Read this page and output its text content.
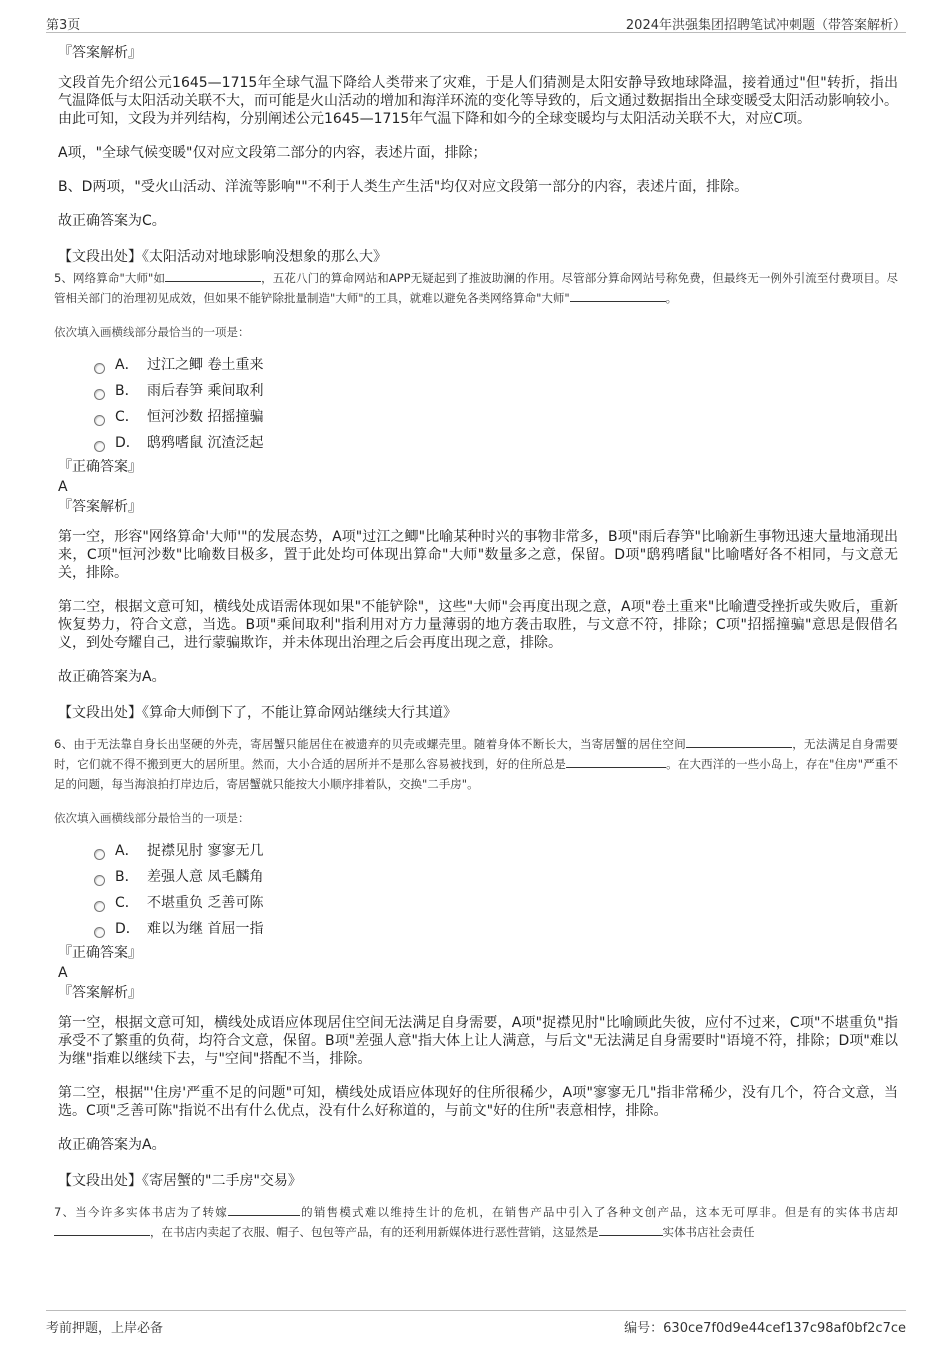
第3页	2024年洪强集团招聘笔试冲刺题（带答案解析）

『答案解析』

文段首先介绍公元1645—1715年全球气温下降给人类带来了灾难，于是人们猜测是太阳安静导致地球降温，接着通过"但"转折，指出气温降低与太阳活动关联不大，而可能是火山活动的增加和海洋环流的变化等导致的，后文通过数据指出全球变暖受太阳活动影响较小。由此可知，文段为并列结构，分别阐述公元1645—1715年气温下降和如今的全球变暖均与太阳活动关联不大，对应C项。

A项，"全球气候变暖"仅对应文段第二部分的内容，表述片面，排除；

B、D两项，"受火山活动、洋流等影响""不利于人类生产生活"均仅对应文段第一部分的内容，表述片面，排除。

故正确答案为C。

【文段出处】《太阳活动对地球影响没想象的那么大》

5、网络算命"大师"如	，五花八门的算命网站和APP无疑起到了推波助澜的作用。尽管部分算命网站号称免费，但最终无一例外引流至付费项目。尽管相关部门的治理初见成效，但如果不能铲除批量制造"大师"的工具，就难以避免各类网络算命"大师"	。
依次填入画横线部分最恰当的一项是：
A． 过江之鲫 卷土重来
B． 雨后春笋 乘间取利
C． 恒河沙数 招摇撞骗
D． 鸱鸦嗜鼠 沉渣泛起

『正确答案』

A

『答案解析』

第一空，形容"网络算命'大师'"的发展态势，A项"过江之鲫"比喻某种时兴的事物非常多，B项"雨后春笋"比喻新生事物迅速大量地涌现出来，C项"恒河沙数"比喻数目极多，置于此处均可体现出算命"大师"数量多之意，保留。D项"鸱鸦嗜鼠"比喻嗜好各不相同，与文意无关，排除。

第二空，根据文意可知，横线处成语需体现如果"不能铲除"，这些"大师"会再度出现之意，A项"卷土重来"比喻遭受挫折或失败后，重新恢复势力，符合文意，当选。B项"乘间取利"指利用对方力量薄弱的地方袭击取胜，与文意不符，排除；C项"招摇撞骗"意思是假借名义，到处夸耀自己，进行蒙骗欺诈，并未体现出治理之后会再度出现之意，排除。

故正确答案为A。

【文段出处】《算命大师倒下了，不能让算命网站继续大行其道》

6、由于无法靠自身长出坚硬的外壳，寄居蟹只能居住在被遗弃的贝壳或螺壳里。随着身体不断长大，当寄居蟹的居住空间	，无法满足自身需要时，它们就不得不搬到更大的居所里。然而，大小合适的居所并不是那么容易被找到，好的住所总是	。在大西洋的一些小岛上，存在"住房"严重不足的问题，每当海浪拍打岸边后，寄居蟹就只能按大小顺序排着队，交换"二手房"。
依次填入画横线部分最恰当的一项是：
A． 捉襟见肘 寥寥无几
B． 差强人意 凤毛麟角
C． 不堪重负 乏善可陈
D． 难以为继 首屈一指

『正确答案』

A

『答案解析』

第一空，根据文意可知，横线处成语应体现居住空间无法满足自身需要，A项"捉襟见肘"比喻顾此失彼，应付不过来，C项"不堪重负"指承受不了繁重的负荷，均符合文意，保留。B项"差强人意"指大体上让人满意，与后文"无法满足自身需要时"语境不符，排除；D项"难以为继"指难以继续下去，与"空间"搭配不当，排除。

第二空，根据"'住房'严重不足的问题"可知，横线处成语应体现好的住所很稀少，A项"寥寥无几"指非常稀少，没有几个，符合文意，当选。C项"乏善可陈"指说不出有什么优点，没有什么好称道的，与前文"好的住所"表意相悖，排除。

故正确答案为A。

【文段出处】《寄居蟹的"二手房"交易》

7、当今许多实体书店为了转嫁	的销售模式难以维持生计的危机，在销售产品中引入了各种文创产品，这本无可厚非。但是有的实体书店却，在书店内卖起了衣服、帽子、包包等产品，有的还利用新媒体进行恶性营销，这显然是	实体书店社会责任
考前押题，上岸必备	编号：630ce7f0d9e44cef137c98af0bf2c7ce
